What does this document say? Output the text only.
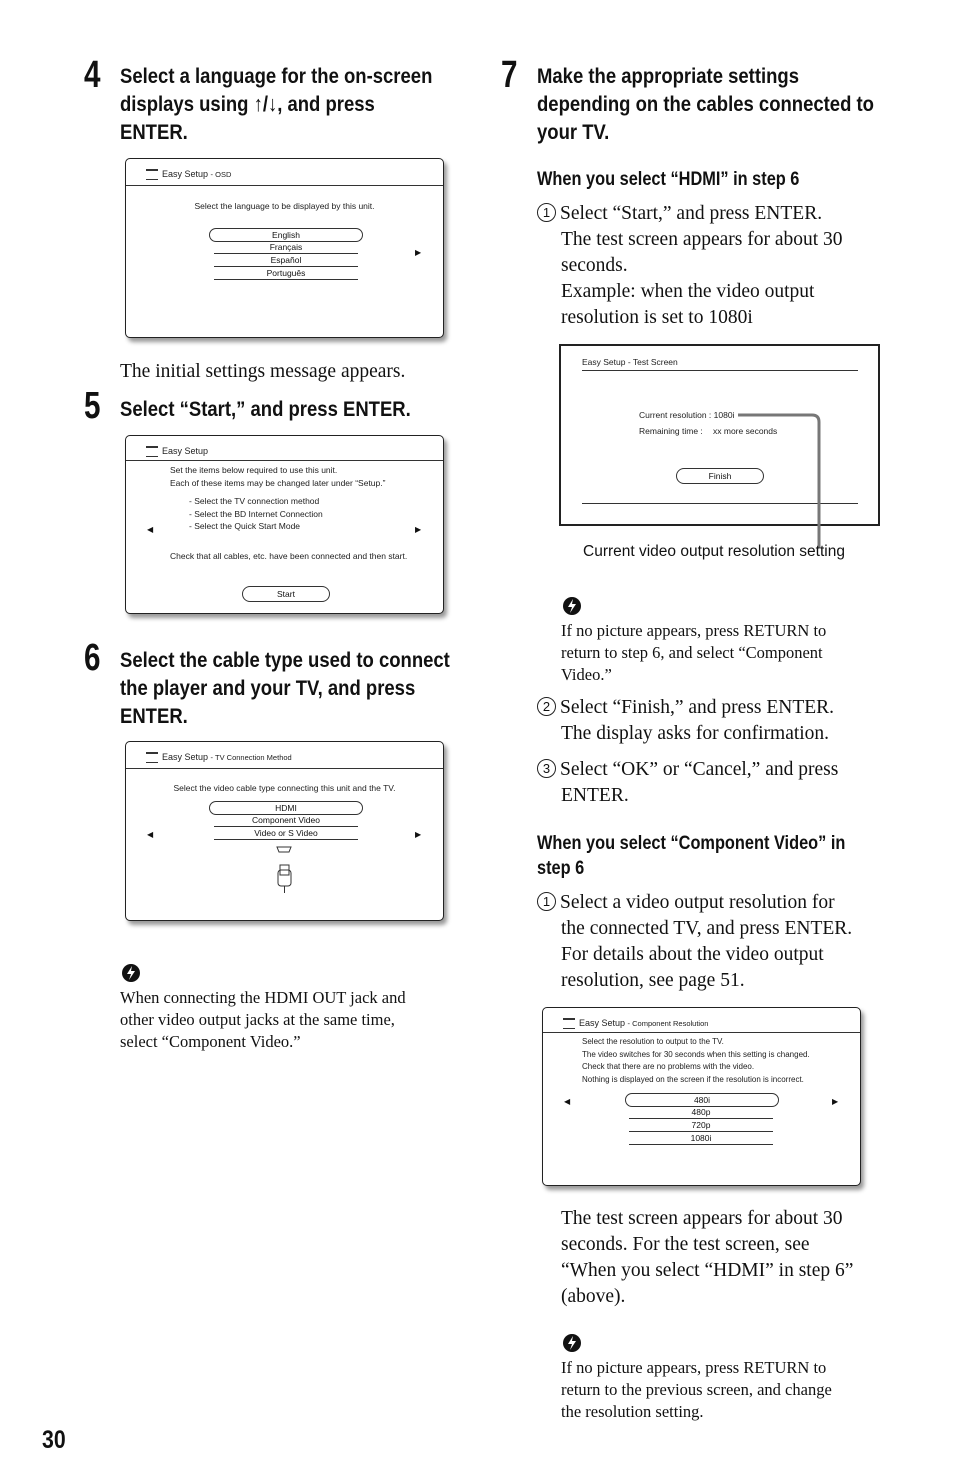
4 Select a language for the on-screen
displays using ↑/↓, and press
ENTER.
Easy Setup - OSD
Select the language to be displayed by this unit.
English
Français
Español
Português
▶
The initial settings message appears.
5 Select “Start,” and press ENTER.
Easy Setup
Set the items below required to use this unit.
Each of these items may be changed later under “Setup.”
- Select the TV connection method
- Select the BD Internet Connection
- Select the Quick Start Mode
◀	▶
Check that all cables, etc. have been connected and then start.
Start
6 Select the cable type used to connect
the player and your TV, and press
ENTER.
Easy Setup - TV Connection Method
Select the video cable type connecting this unit and the TV.
HDMI
Component Video
Video or S Video
◀	▶
When connecting the HDMI OUT jack and
other video output jacks at the same time,
select “Component Video.”
30
7 Make the appropriate settings
depending on the cables connected to
your TV.
When you select “HDMI” in step 6
1 Select “Start,” and press ENTER.
The test screen appears for about 30
seconds.
Example: when the video output
resolution is set to 1080i
Easy Setup - Test Screen
Current resolution : 1080i
Remaining time : xx more seconds
Finish
Current video output resolution setting
If no picture appears, press RETURN to
return to step 6, and select “Component
Video.”
2 Select “Finish,” and press ENTER.
The display asks for confirmation.
3 Select “OK” or “Cancel,” and press
ENTER.
When you select “Component Video” in
step 6
1 Select a video output resolution for
the connected TV, and press ENTER.
For details about the video output
resolution, see page 51.
Easy Setup - Component Resolution
Select the resolution to output to the TV.
The video switches for 30 seconds when this setting is changed.
Check that there are no problems with the video.
Nothing is displayed on the screen if the resolution is incorrect.
◀	▶
480i
480p
720p
1080i
The test screen appears for about 30
seconds. For the test screen, see
“When you select “HDMI” in step 6”
(above).
If no picture appears, press RETURN to
return to the previous screen, and change
the resolution setting.
